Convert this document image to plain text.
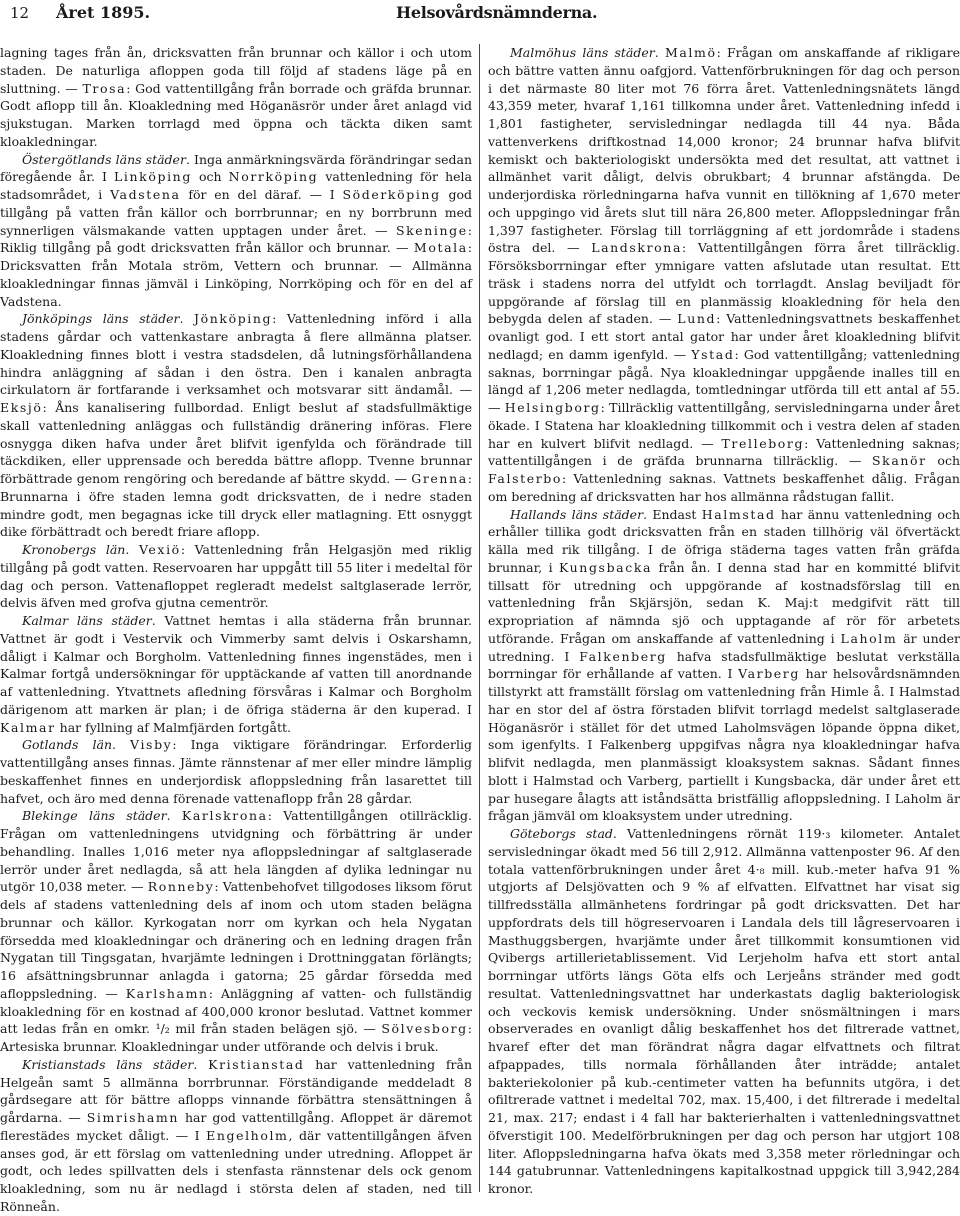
12 Året 1895.	Helsovårdsnämnderna.

lagning tages från ån, dricksvatten från brunnar och källor i och utom staden. De naturliga afloppen goda till följd af stadens läge på en sluttning. — Trosa: God vattentillgång från borrade och gräfda brunnar. Godt aflopp till ån. Kloakledning med Höganäsrör under året anlagd vid sjukstugan. Marken torrlagd med öppna och täckta diken samt kloakledningar.

Östergötlands läns städer. Inga anmärkningsvärda förändringar sedan föregående år. I Linköping och Norrköping vattenledning för hela stadsområdet, i Vadstena för en del däraf. — I Söderköping god tillgång på vatten från källor och borrbrunnar; en ny borrbrunn med synnerligen välsmakande vatten upptagen under året. — Skeninge: Riklig tillgång på godt dricksvatten från källor och brunnar. — Motala: Dricksvatten från Motala ström, Vettern och brunnar. — Allmänna kloakledningar finnas jämväl i Linköping, Norrköping och för en del af Vadstena.

Jönköpings läns städer. Jönköping: Vattenledning införd i alla stadens gårdar och vattenkastare anbragta å flere allmänna platser. Kloakledning finnes blott i vestra stadsdelen, då lutningsförhållandena hindra anläggning af sådan i den östra. Den i kanalen anbragta cirkulatorn är fortfarande i verksamhet och motsvarar sitt ändamål. — Eksjö: Åns kanalisering fullbordad. Enligt beslut af stadsfullmäktige skall vattenledning anläggas och fullständig dränering införas. Flere osnygga diken hafva under året blifvit igenfylda och förändrade till täckdiken, eller upprensade och beredda bättre aflopp. Tvenne brunnar förbättrade genom rengöring och beredande af bättre skydd. — Grenna: Brunnarna i öfre staden lemna godt dricksvatten, de i nedre staden mindre godt, men begagnas icke till dryck eller matlagning. Ett osnyggt dike förbättradt och beredt friare aflopp.

Kronobergs län. Vexiö: Vattenledning från Helgasjön med riklig tillgång på godt vatten. Reservoaren har uppgått till 55 liter i medeltal för dag och person. Vattenafloppet regleradt medelst saltglaserade lerrör, delvis äfven med grofva gjutna cementrör.

Kalmar läns städer. Vattnet hemtas i alla städerna från brunnar. Vattnet är godt i Vestervik och Vimmerby samt delvis i Oskarshamn, dåligt i Kalmar och Borgholm. Vattenledning finnes ingenstädes, men i Kalmar fortgå undersökningar för upptäckande af vatten till anordnande af vattenledning. Ytvattnets afledning försvåras i Kalmar och Borgholm därigenom att marken är plan; i de öfriga städerna är den kuperad. I Kalmar har fyllning af Malmfjärden fortgått.

Gotlands län. Visby: Inga viktigare förändringar. Erforderlig vattentillgång anses finnas. Jämte rännstenar af mer eller mindre lämplig beskaffenhet finnes en underjordisk afloppsledning från lasarettet till hafvet, och äro med denna förenade vattenaflopp från 28 gårdar.

Blekinge läns städer. Karlskrona: Vattentillgången otillräcklig. Frågan om vattenledningens utvidgning och förbättring är under behandling. Inalles 1,016 meter nya afloppsledningar af saltglaserade lerrör under året nedlagda, så att hela längden af dylika ledningar nu utgör 10,038 meter. — Ronneby: Vattenbehofvet tillgodoses liksom förut dels af stadens vattenledning dels af inom och utom staden belägna brunnar och källor. Kyrkogatan norr om kyrkan och hela Nygatan försedda med kloakledningar och dränering och en ledning dragen från Nygatan till Tingsgatan, hvarjämte ledningen i Drottninggatan förlängts; 16 afsättningsbrunnar anlagda i gatorna; 25 gårdar försedda med afloppsledning. — Karlshamn: Anläggning af vatten- och fullständig kloakledning för en kostnad af 400,000 kronor beslutad. Vattnet kommer att ledas från en omkr. ¹/₂ mil från staden belägen sjö. — Sölvesborg: Artesiska brunnar. Kloakledningar under utförande och delvis i bruk.

Kristianstads läns städer. Kristianstad har vattenledning från Helgeån samt 5 allmänna borrbrunnar. Förständigande meddeladt 8 gårdsegare att för bättre aflopps vinnande förbättra stensättningen å gårdarna. — Simrishamn har god vattentillgång. Afloppet är däremot flerestädes mycket dåligt. — I Engelholm, där vattentillgången äfven anses god, är ett förslag om vattenledning under utredning. Afloppet är godt, och ledes spillvatten dels i stenfasta rännstenar dels ock genom kloakledning, som nu är nedlagd i största delen af staden, ned till Rönneån.

Malmöhus läns städer. Malmö: Frågan om anskaffande af rikligare och bättre vatten ännu oafgjord. Vattenförbrukningen för dag och person i det närmaste 80 liter mot 76 förra året. Vattenledningsnätets längd 43,359 meter, hvaraf 1,161 tillkomna under året. Vattenledning infedd i 1,801 fastigheter, servisledningar nedlagda till 44 nya. Båda vattenverkens driftkostnad 14,000 kronor; 24 brunnar hafva blifvit kemiskt och bakteriologiskt undersökta med det resultat, att vattnet i allmänhet varit dåligt, delvis obrukbart; 4 brunnar afstängda. De underjordiska rörledningarna hafva vunnit en tillökning af 1,670 meter och uppgingo vid årets slut till nära 26,800 meter. Afloppsledningar från 1,397 fastigheter. Förslag till torrläggning af ett jordområde i stadens östra del. — Landskrona: Vattentillgången förra året tillräcklig. Försöksborrningar efter ymnigare vatten afslutade utan resultat. Ett träsk i stadens norra del utfyldt och torrlagdt. Anslag beviljadt för uppgörande af förslag till en planmässig kloakledning för hela den bebygda delen af staden. — Lund: Vattenledningsvattnets beskaffenhet ovanligt god. I ett stort antal gator har under året kloakledning blifvit nedlagd; en damm igenfyld. — Ystad: God vattentillgång; vattenledning saknas, borrningar pågå. Nya kloakledningar uppgående inalles till en längd af 1,206 meter nedlagda, tomtledningar utförda till ett antal af 55. — Helsingborg: Tillräcklig vattentillgång, servisledningarna under året ökade. I Statena har kloakledning tillkommit och i vestra delen af staden har en kulvert blifvit nedlagd. — Trelleborg: Vattenledning saknas; vattentillgången i de gräfda brunnarna tillräcklig. — Skanör och Falsterbo: Vattenledning saknas. Vattnets beskaffenhet dålig. Frågan om beredning af dricksvatten har hos allmänna rådstugan fallit.

Hallands läns städer. Endast Halmstad har ännu vattenledning och erhåller tillika godt dricksvatten från en staden tillhörig väl öfvertäckt källa med rik tillgång. I de öfriga städerna tages vatten från gräfda brunnar, i Kungsbacka från ån. I denna stad har en kommitté blifvit tillsatt för utredning och uppgörande af kostnadsförslag till en vattenledning från Skjärsjön, sedan K. Maj:t medgifvit rätt till expropriation af nämnda sjö och upptagande af rör för arbetets utförande. Frågan om anskaffande af vattenledning i Laholm är under utredning. I Falkenberg hafva stadsfullmäktige beslutat verkställa borrningar för erhållande af vatten. I Varberg har helsovårdsnämnden tillstyrkt att framställt förslag om vattenledning från Himle å. I Halmstad har en stor del af östra förstaden blifvit torrlagd medelst saltglaserade Höganäsrör i stället för det utmed Laholmsvägen löpande öppna diket, som igenfylts. I Falkenberg uppgifvas några nya kloakledningar hafva blifvit nedlagda, men planmässigt kloaksystem saknas. Sådant finnes blott i Halmstad och Varberg, partiellt i Kungsbacka, där under året ett par husegare ålagts att iståndsätta bristfällig afloppsledning. I Laholm är frågan jämväl om kloaksystem under utredning.

Göteborgs stad. Vattenledningens rörnät 119·₃ kilometer. Antalet servisledningar ökadt med 56 till 2,912. Allmänna vattenposter 96. Af den totala vattenförbrukningen under året 4·₈ mill. kub.-meter hafva 91 % utgjorts af Delsjövatten och 9 % af elfvatten. Elfvattnet har visat sig tillfredsställa allmänhetens fordringar på godt dricksvatten. Det har uppfordrats dels till högreservoaren i Landala dels till lågreservoaren i Masthuggsbergen, hvarjämte under året tillkommit konsumtionen vid Qvibergs artillerietablissement. Vid Lerjeholm hafva ett stort antal borrningar utförts längs Göta elfs och Lerjeåns stränder med godt resultat. Vattenledningsvattnet har underkastats daglig bakteriologisk och veckovis kemisk undersökning. Under snösmältningen i mars observerades en ovanligt dålig beskaffenhet hos det filtrerade vattnet, hvaref efter det man förändrat några dagar elfvattnets och filtrat afpappades, tills normala förhållanden åter inträdde; antalet bakteriekolonier på kub.-centimeter vatten ha befunnits utgöra, i det ofiltrerade vattnet i medeltal 702, max. 15,400, i det filtrerade i medeltal 21, max. 217; endast i 4 fall har bakterierhalten i vattenledningsvattnet öfverstigit 100. Medelförbrukningen per dag och person har utgjort 108 liter. Afloppsledningarna hafva ökats med 3,358 meter rörledningar och 144 gatubrunnar. Vattenledningens kapitalkostnad uppgick till 3,942,284 kronor.
